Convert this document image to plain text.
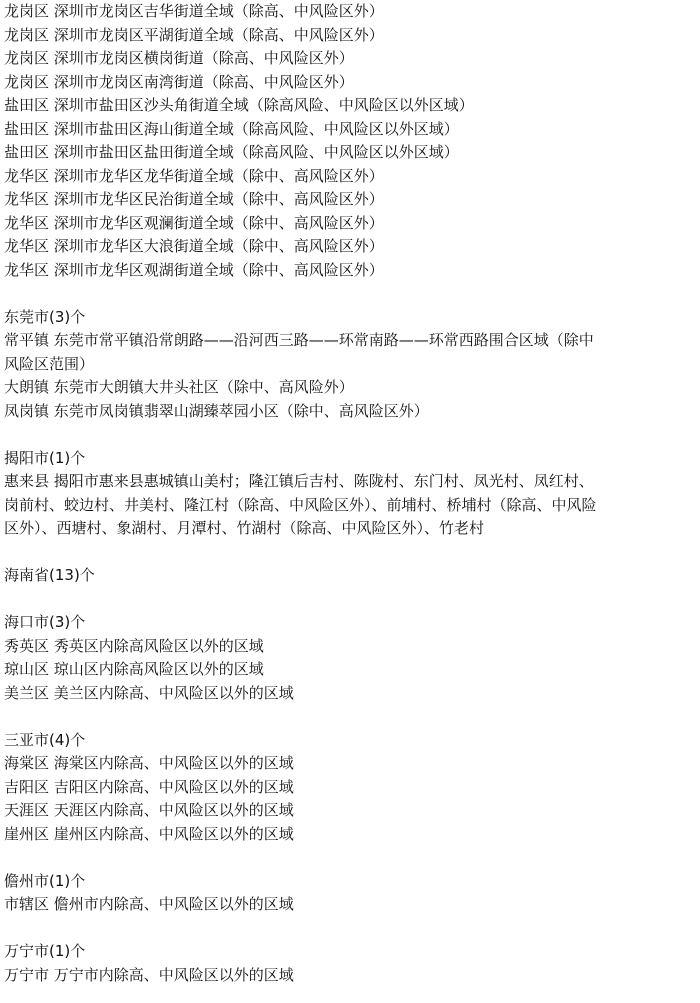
龙岗区 深圳市龙岗区吉华街道全域（除高、中风险区外）
龙岗区 深圳市龙岗区平湖街道全域（除高、中风险区外）
龙岗区 深圳市龙岗区横岗街道（除高、中风险区外）
龙岗区 深圳市龙岗区南湾街道（除高、中风险区外）
盐田区 深圳市盐田区沙头角街道全域（除高风险、中风险区以外区域）
盐田区 深圳市盐田区海山街道全域（除高风险、中风险区以外区域）
盐田区 深圳市盐田区盐田街道全域（除高风险、中风险区以外区域）
龙华区 深圳市龙华区龙华街道全域（除中、高风险区外）
龙华区 深圳市龙华区民治街道全域（除中、高风险区外）
龙华区 深圳市龙华区观澜街道全域（除中、高风险区外）
龙华区 深圳市龙华区大浪街道全域（除中、高风险区外）
龙华区 深圳市龙华区观湖街道全域（除中、高风险区外）
东莞市(3)个
常平镇 东莞市常平镇沿常朗路——沿河西三路——环常南路——环常西路围合区域（除中
风险区范围）
大朗镇 东莞市大朗镇大井头社区（除中、高风险外）
凤岗镇 东莞市凤岗镇翡翠山湖臻萃园小区（除中、高风险区外）
揭阳市(1)个
惠来县 揭阳市惠来县惠城镇山美村；隆江镇后吉村、陈陇村、东门村、凤光村、凤红村、
岗前村、蛟边村、井美村、隆江村（除高、中风险区外）、前埔村、桥埔村（除高、中风险
区外）、西塘村、象湖村、月潭村、竹湖村（除高、中风险区外）、竹老村
海南省(13)个
海口市(3)个
秀英区 秀英区内除高风险区以外的区域
琼山区 琼山区内除高风险区以外的区域
美兰区 美兰区内除高、中风险区以外的区域
三亚市(4)个
海棠区 海棠区内除高、中风险区以外的区域
吉阳区 吉阳区内除高、中风险区以外的区域
天涯区 天涯区内除高、中风险区以外的区域
崖州区 崖州区内除高、中风险区以外的区域
儋州市(1)个
市辖区 儋州市内除高、中风险区以外的区域
万宁市(1)个
万宁市 万宁市内除高、中风险区以外的区域
